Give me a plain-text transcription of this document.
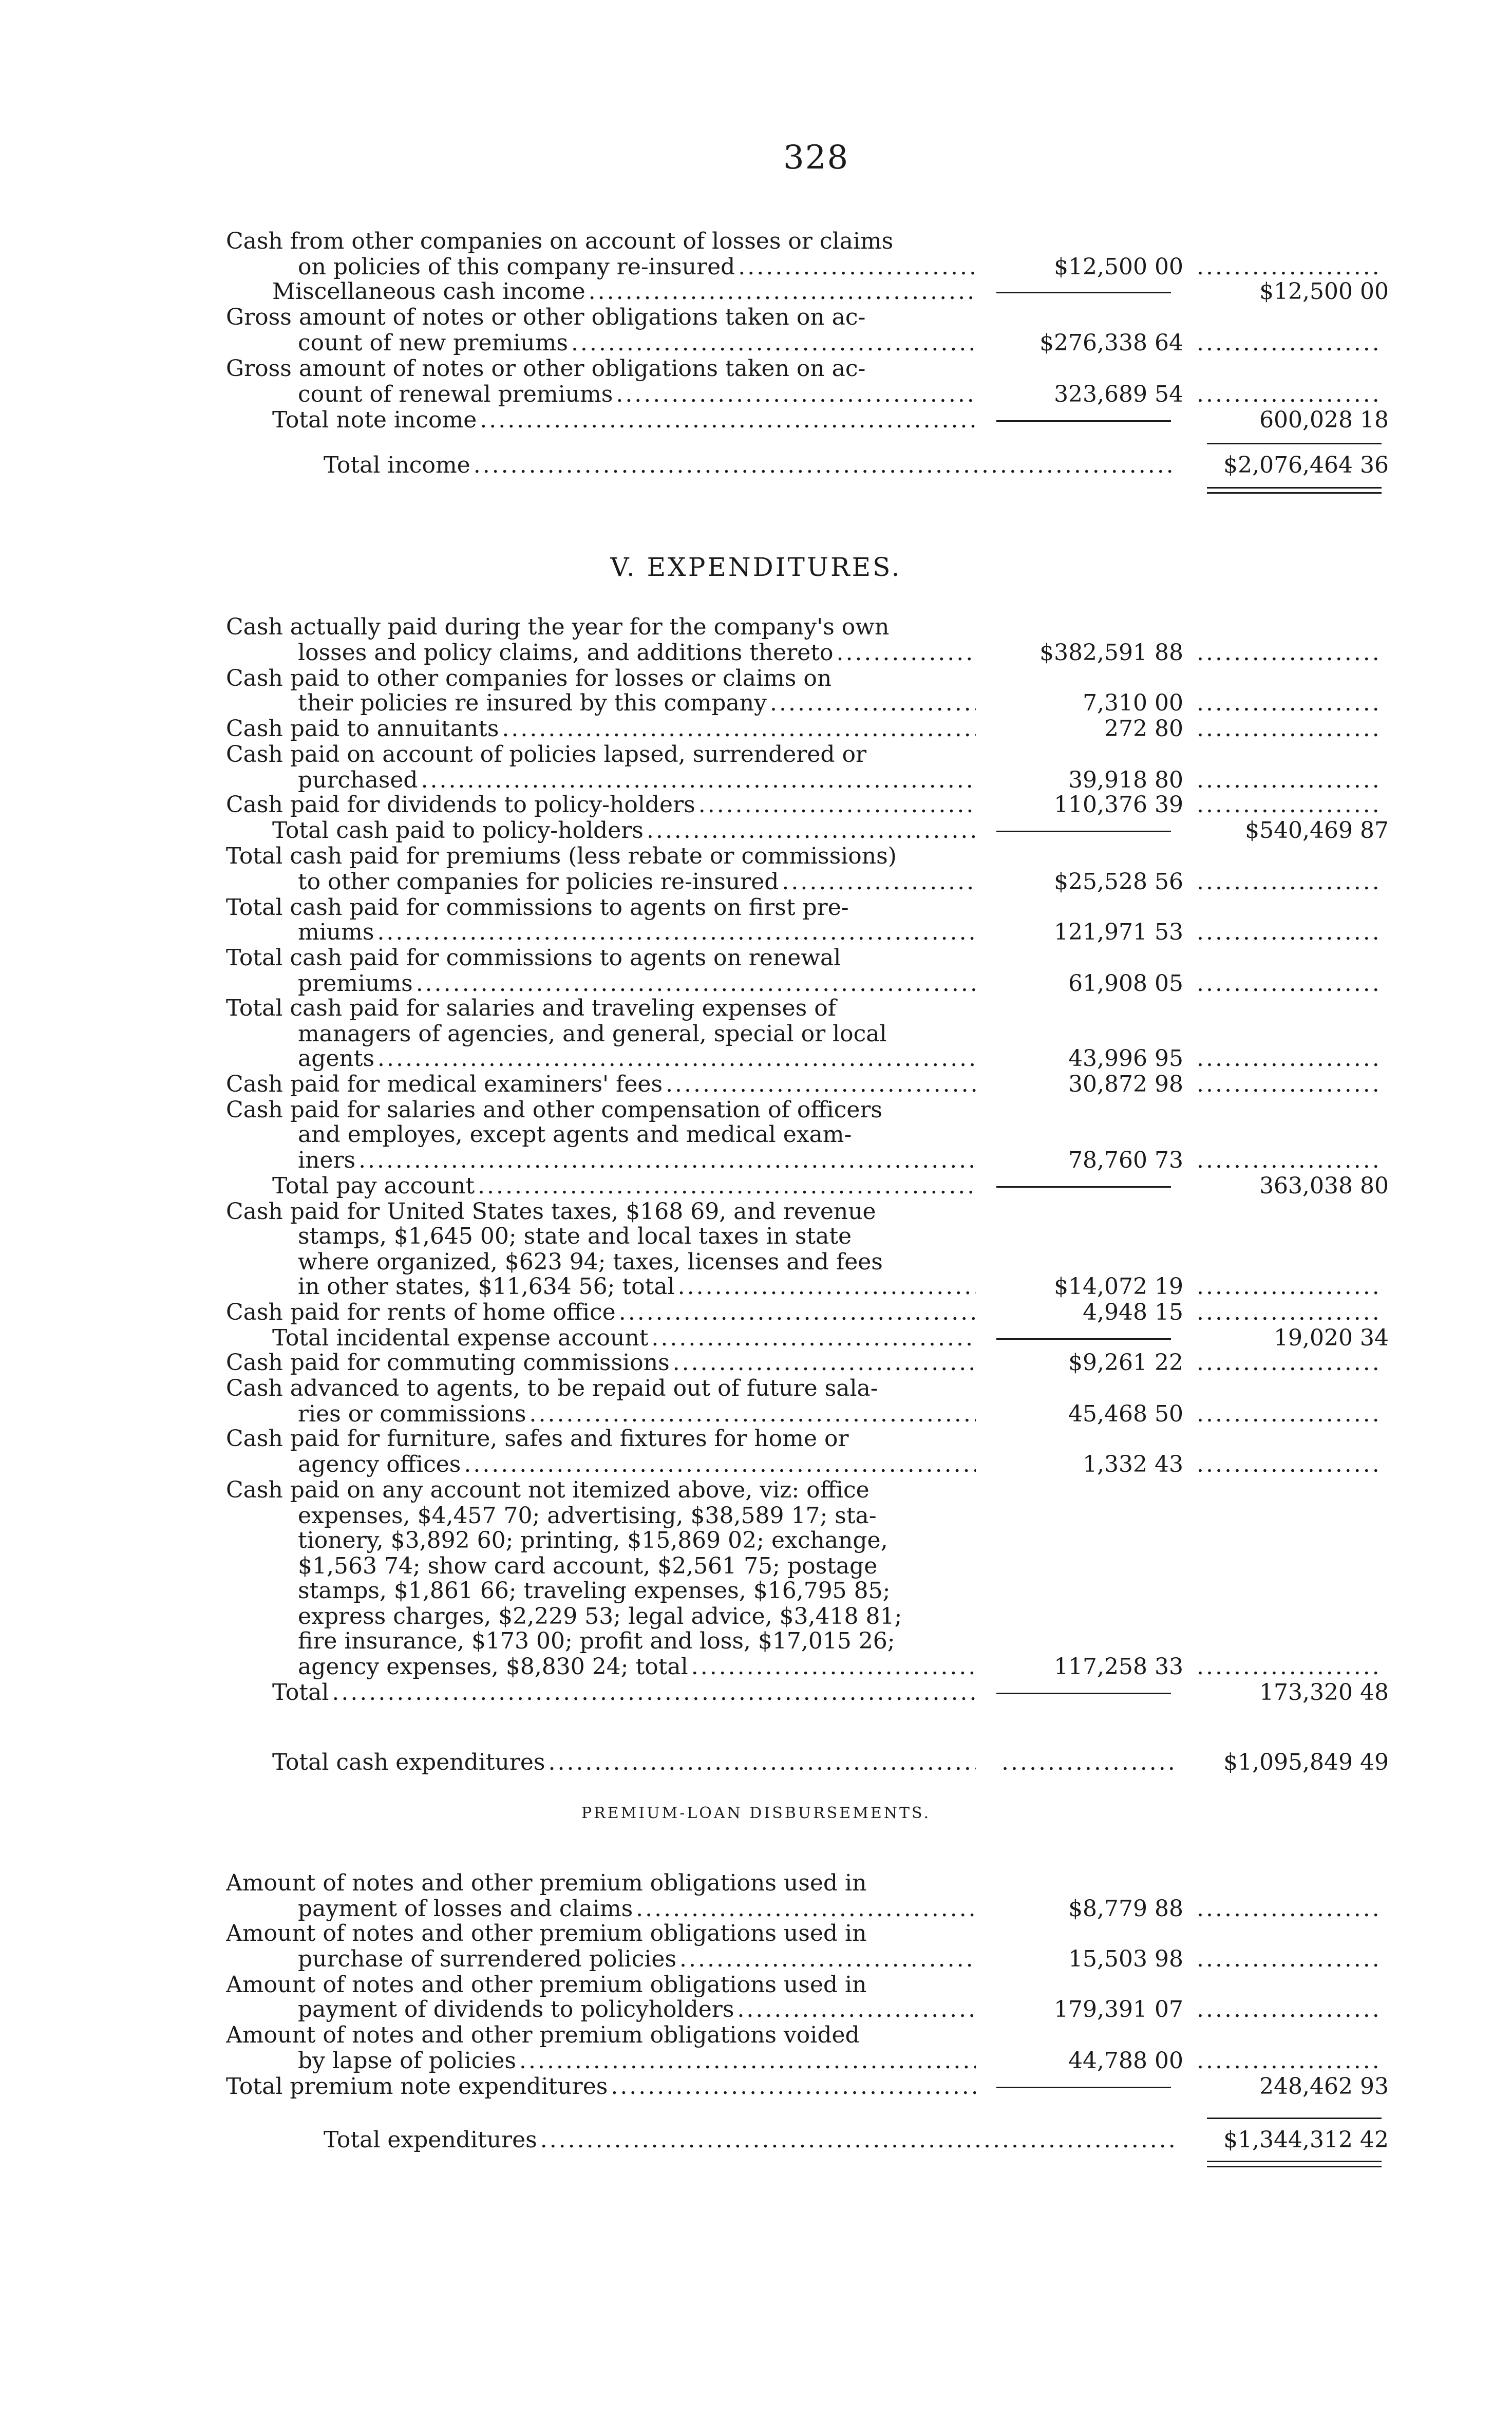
328
Cash from other companies on account of losses or claims
on policies of this company re-insured .....	$12,500 00
.....
Miscellaneous cash income .....	$12,500 00
Gross amount of notes or other obligations taken on ac-
count of new premiums .....	$276,338 64
.....
Gross amount of notes or other obligations taken on ac-
count of renewal premiums .....	323,689 54
.....
Total note income .....	600,028 18
Total income .....	$2,076,464 36
V. EXPENDITURES.
Cash actually paid during the year for the company's own
losses and policy claims, and additions thereto .....	$382,591 88
.....
Cash paid to other companies for losses or claims on
their policies re insured by this company .....	7,310 00
.....
Cash paid to annuitants .....	272 80
.....
Cash paid on account of policies lapsed, surrendered or
purchased .....	39,918 80
.....
Cash paid for dividends to policy-holders .....	110,376 39
.....
Total cash paid to policy-holders .....	$540,469 87
Total cash paid for premiums (less rebate or commissions)
to other companies for policies re-insured .....	$25,528 56
.....
Total cash paid for commissions to agents on first pre-
miums .....	121,971 53
.....
Total cash paid for commissions to agents on renewal
premiums .....	61,908 05
.....
Total cash paid for salaries and traveling expenses of
managers of agencies, and general, special or local
agents .....	43,996 95
.....
Cash paid for medical examiners' fees .....	30,872 98
.....
Cash paid for salaries and other compensation of officers
and employes, except agents and medical exam-
iners .....	78,760 73
.....
Total pay account .....	363,038 80
Cash paid for United States taxes, $168 69, and revenue
stamps, $1,645 00; state and local taxes in state
where organized, $623 94; taxes, licenses and fees
in other states, $11,634 56; total .....	$14,072 19
.....
Cash paid for rents of home office .....	4,948 15
.....
Total incidental expense account .....	19,020 34
Cash paid for commuting commissions .....	$9,261 22
.....
Cash advanced to agents, to be repaid out of future sala-
ries or commissions .....	45,468 50
.....
Cash paid for furniture, safes and fixtures for home or
agency offices .....	1,332 43
.....
Cash paid on any account not itemized above, viz: office
expenses, $4,457 70; advertising, $38,589 17; sta-
tionery, $3,892 60; printing, $15,869 02; exchange,
$1,563 74; show card account, $2,561 75; postage
stamps, $1,861 66; traveling expenses, $16,795 85;
express charges, $2,229 53; legal advice, $3,418 81;
fire insurance, $173 00; profit and loss, $17,015 26;
agency expenses, $8,830 24; total .....	117,258 33
.....
Total .....	173,320 48
Total cash expenditures ..... .....	$1,095,849 49
PREMIUM-LOAN DISBURSEMENTS.
Amount of notes and other premium obligations used in
payment of losses and claims .....	$8,779 88
.....
Amount of notes and other premium obligations used in
purchase of surrendered policies .....	15,503 98
.....
Amount of notes and other premium obligations used in
payment of dividends to policyholders .....	179,391 07
.....
Amount of notes and other premium obligations voided
by lapse of policies .....	44,788 00
.....
Total premium note expenditures .....	248,462 93
Total expenditures .....	$1,344,312 42
